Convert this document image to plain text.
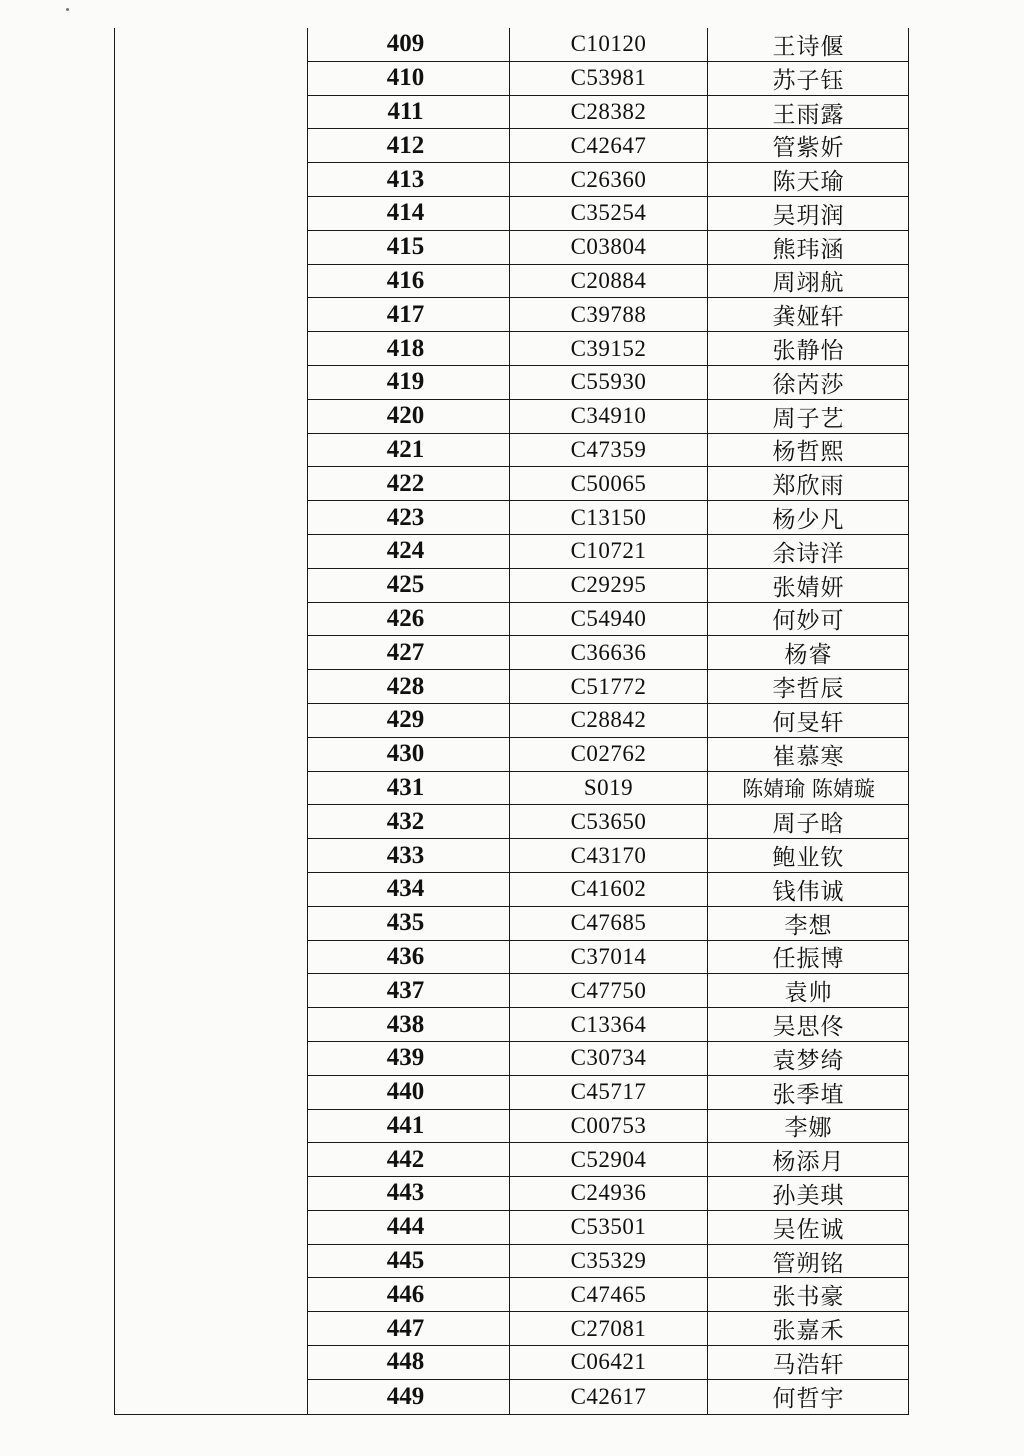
409	C10120	王诗偃
410	C53981	苏子钰
411	C28382	王雨露
412	C42647	管紫妡
413	C26360	陈天瑜
414	C35254	吴玥润
415	C03804	熊玮涵
416	C20884	周翊航
417	C39788	龚娅轩
418	C39152	张静怡
419	C55930	徐芮莎
420	C34910	周子艺
421	C47359	杨哲熙
422	C50065	郑欣雨
423	C13150	杨少凡
424	C10721	余诗洋
425	C29295	张婧妍
426	C54940	何妙可
427	C36636	杨睿
428	C51772	李哲辰
429	C28842	何旻轩
430	C02762	崔慕寒
431	S019	陈婧瑜 陈婧璇
432	C53650	周子晗
433	C43170	鲍业钦
434	C41602	钱伟诚
435	C47685	李想
436	C37014	任振博
437	C47750	袁帅
438	C13364	吴思佟
439	C30734	袁梦绮
440	C45717	张季埴
441	C00753	李娜
442	C52904	杨添月
443	C24936	孙美琪
444	C53501	吴佐诚
445	C35329	管朔铭
446	C47465	张书豪
447	C27081	张嘉禾
448	C06421	马浩轩
449	C42617	何哲宇
